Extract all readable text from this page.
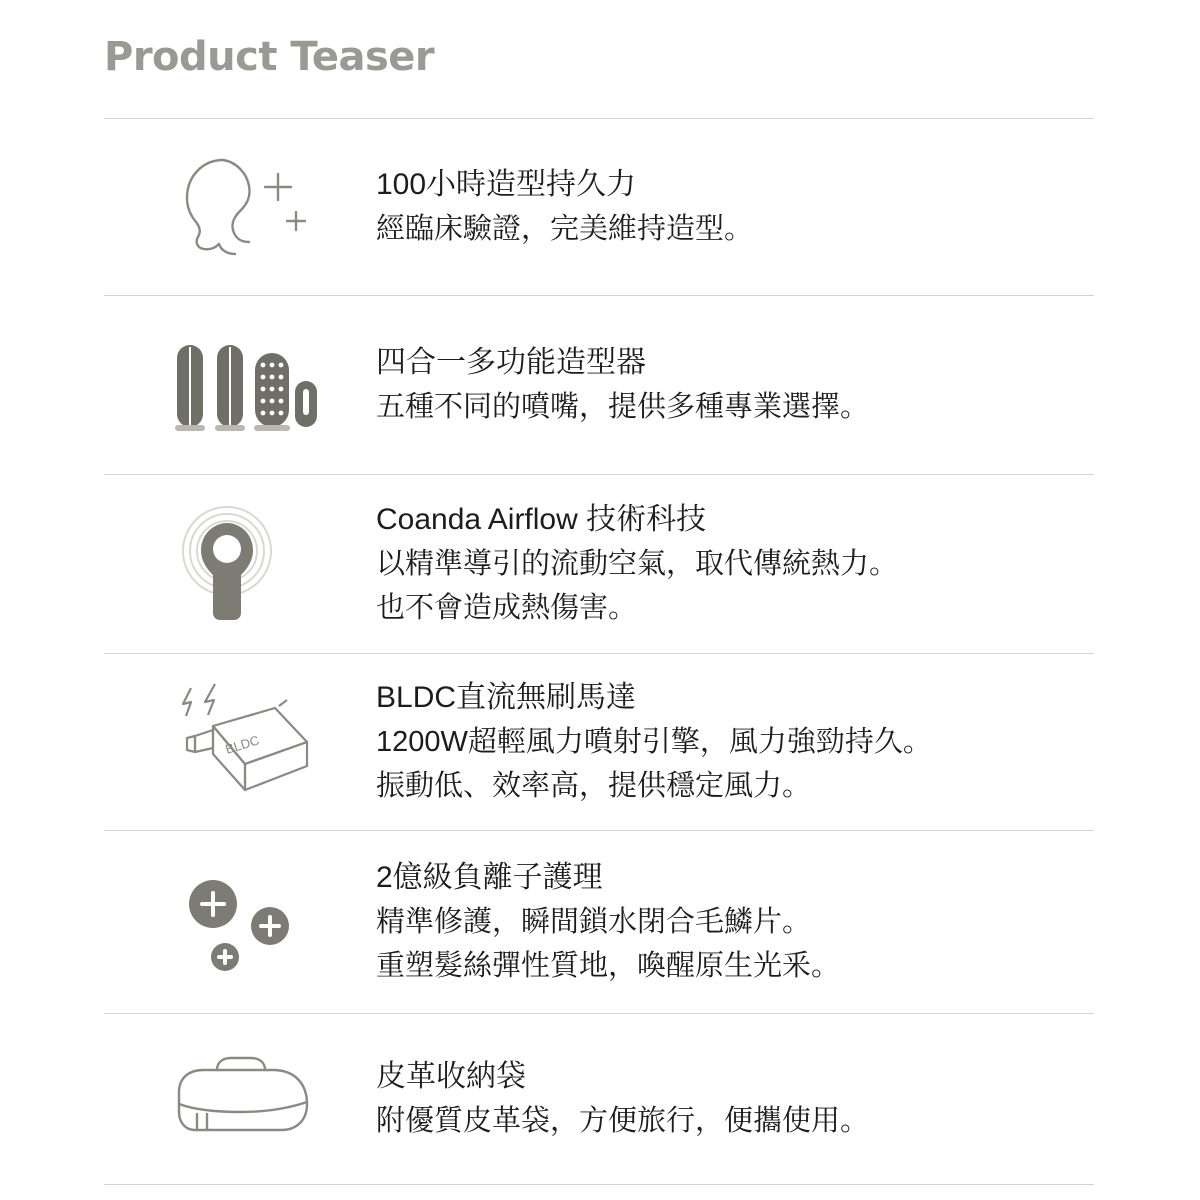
Product Teaser
100小時造型持久力
經臨床驗證，完美維持造型。
四合一多功能造型器
五種不同的噴嘴，提供多種專業選擇。
Coanda Airflow 技術科技
以精準導引的流動空氣，取代傳統熱力。
也不會造成熱傷害。
BLDC
BLDC直流無刷馬達
1200W超輕風力噴射引擎，風力強勁持久。
振動低、效率高，提供穩定風力。
2億級負離子護理
精準修護，瞬間鎖水閉合毛鱗片。
重塑髮絲彈性質地，喚醒原生光釆。
皮革收納袋
附優質皮革袋，方便旅行，便攜使用。
